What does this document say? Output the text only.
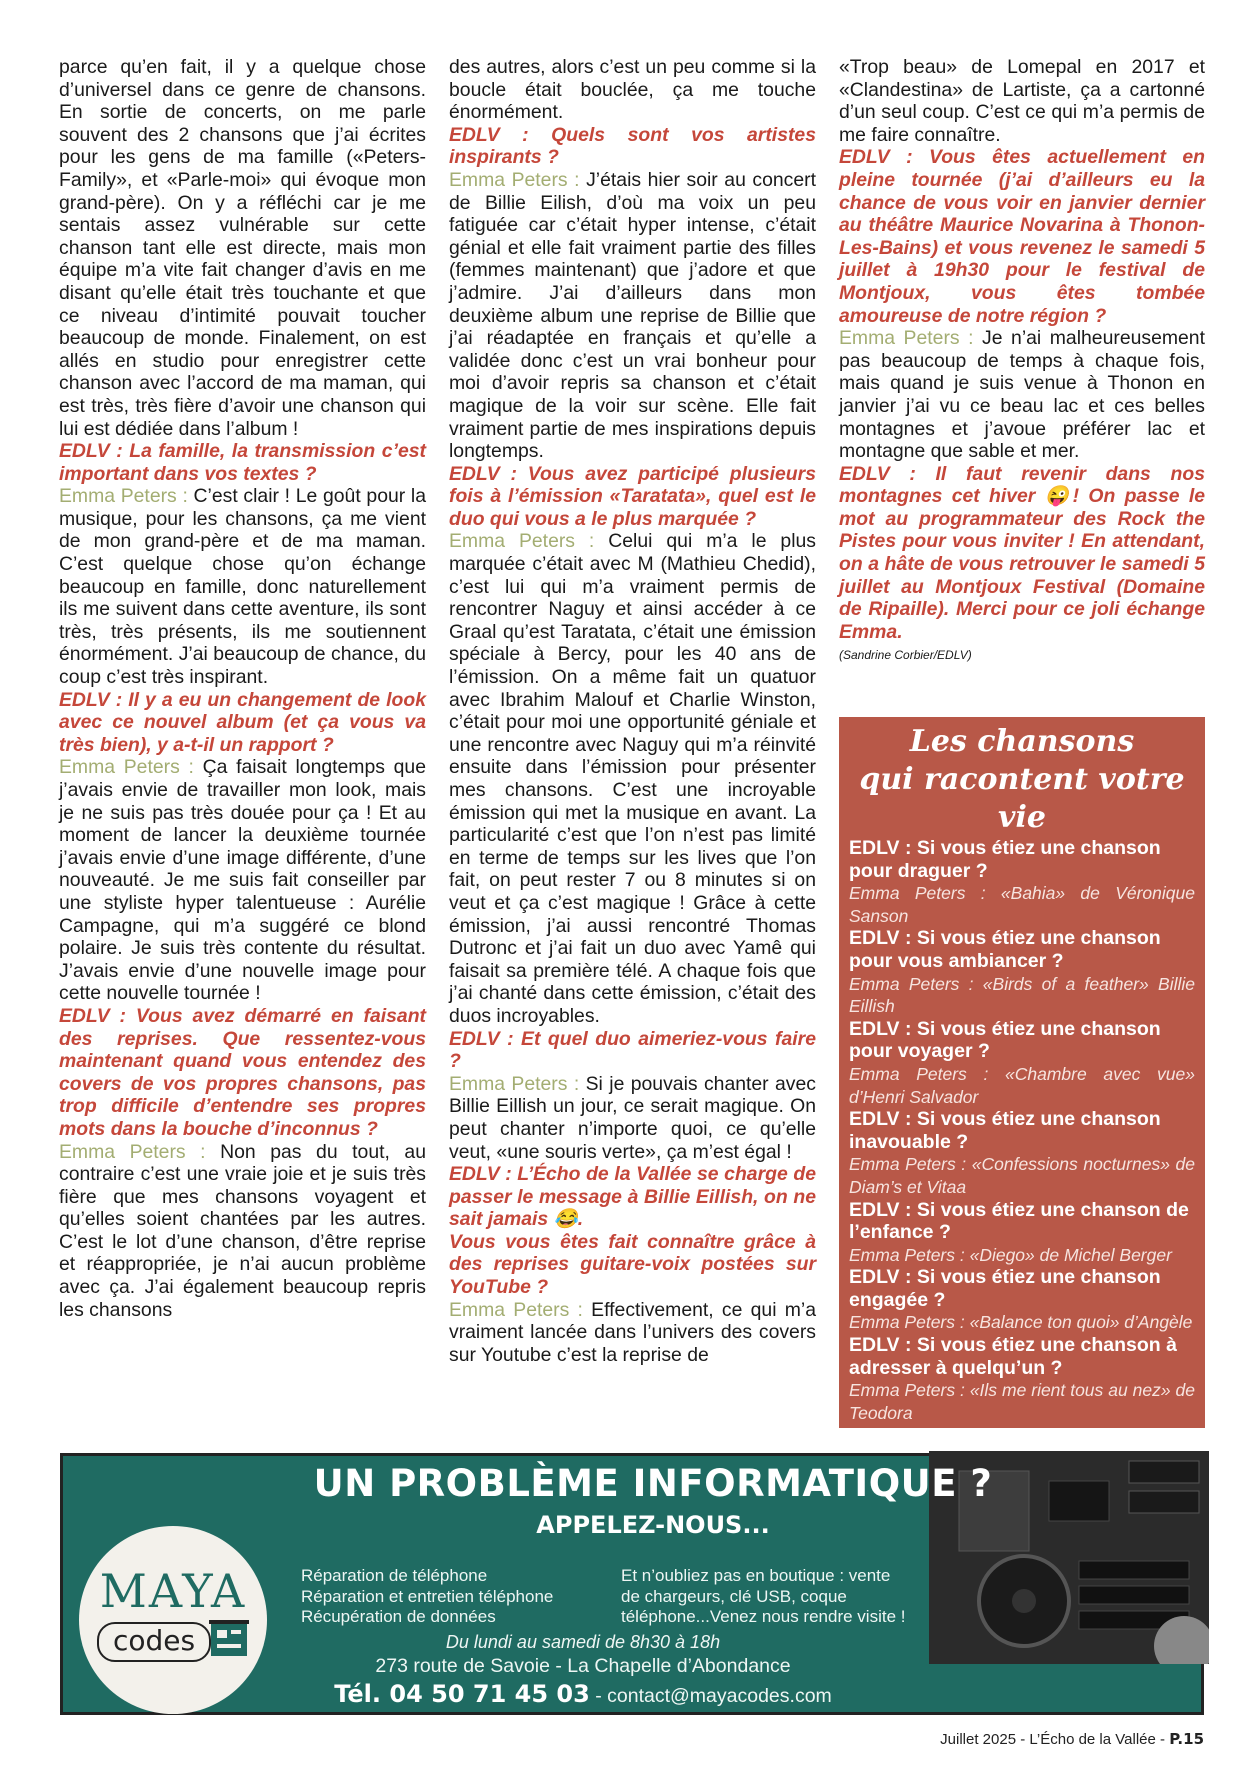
parce qu’en fait, il y a quelque chose d’universel dans ce genre de chansons. En sortie de concerts, on me parle souvent des 2 chansons que j’ai écrites pour les gens de ma famille («Peters-Family», et «Parle-moi» qui évoque mon grand-père). On y a réfléchi car je me sentais assez vulnérable sur cette chanson tant elle est directe, mais mon équipe m’a vite fait changer d’avis en me disant qu’elle était très touchante et que ce niveau d’intimité pouvait toucher beaucoup de monde. Finalement, on est allés en studio pour enregistrer cette chanson avec l’accord de ma maman, qui est très, très fière d’avoir une chanson qui lui est dédiée dans l’album !

EDLV : La famille, la transmission c’est important dans vos textes ?

Emma Peters : C’est clair ! Le goût pour la musique, pour les chansons, ça me vient de mon grand-père et de ma maman. C’est quelque chose qu’on échange beaucoup en famille, donc naturellement ils me suivent dans cette aventure, ils sont très, très présents, ils me soutiennent énormément. J’ai beaucoup de chance, du coup c’est très inspirant.

EDLV : Il y a eu un changement de look avec ce nouvel album (et ça vous va très bien), y a-t-il un rapport ?

Emma Peters : Ça faisait longtemps que j’avais envie de travailler mon look, mais je ne suis pas très douée pour ça ! Et au moment de lancer la deuxième tournée j’avais envie d’une image différente, d’une nouveauté. Je me suis fait conseiller par une styliste hyper talentueuse : Aurélie Campagne, qui m’a suggéré ce blond polaire. Je suis très contente du résultat. J’avais envie d’une nouvelle image pour cette nouvelle tournée !

EDLV : Vous avez démarré en faisant des reprises. Que ressentez-vous maintenant quand vous entendez des covers de vos propres chansons, pas trop difficile d’entendre ses propres mots dans la bouche d’inconnus ?

Emma Peters : Non pas du tout, au contraire c’est une vraie joie et je suis très fière que mes chansons voyagent et qu’elles soient chantées par les autres. C’est le lot d’une chanson, d’être reprise et réappropriée, je n’ai aucun problème avec ça. J’ai également beaucoup repris les chansons

des autres, alors c’est un peu comme si la boucle était bouclée, ça me touche énormément.

EDLV : Quels sont vos artistes inspirants ?

Emma Peters : J’étais hier soir au concert de Billie Eilish, d’où ma voix un peu fatiguée car c’était hyper intense, c’était génial et elle fait vraiment partie des filles (femmes maintenant) que j’adore et que j’admire. J’ai d’ailleurs dans mon deuxième album une reprise de Billie que j’ai réadaptée en français et qu’elle a validée donc c’est un vrai bonheur pour moi d’avoir repris sa chanson et c’était magique de la voir sur scène. Elle fait vraiment partie de mes inspirations depuis longtemps.

EDLV : Vous avez participé plusieurs fois à l’émission «Taratata», quel est le duo qui vous a le plus marquée ?

Emma Peters : Celui qui m’a le plus marquée c’était avec M (Mathieu Chedid), c’est lui qui m’a vraiment permis de rencontrer Naguy et ainsi accéder à ce Graal qu’est Taratata, c’était une émission spéciale à Bercy, pour les 40 ans de l’émission. On a même fait un quatuor avec Ibrahim Malouf et Charlie Winston, c’était pour moi une opportunité géniale et une rencontre avec Naguy qui m’a réinvité ensuite dans l’émission pour présenter mes chansons. C’est une incroyable émission qui met la musique en avant. La particularité c’est que l’on n’est pas limité en terme de temps sur les lives que l’on fait, on peut rester 7 ou 8 minutes si on veut et ça c’est magique ! Grâce à cette émission, j’ai aussi rencontré Thomas Dutronc et j’ai fait un duo avec Yamê qui faisait sa première télé. A chaque fois que j’ai chanté dans cette émission, c’était des duos incroyables.

EDLV : Et quel duo aimeriez-vous faire ?

Emma Peters : Si je pouvais chanter avec Billie Eillish un jour, ce serait magique. On peut chanter n’importe quoi, ce qu’elle veut, «une souris verte», ça m’est égal !

EDLV : L’Écho de la Vallée se charge de passer le message à Billie Eillish, on ne sait jamais 😂.

Vous vous êtes fait connaître grâce à des reprises guitare-voix postées sur YouTube ?

Emma Peters : Effectivement, ce qui m’a vraiment lancée dans l’univers des covers sur Youtube c’est la reprise de

«Trop beau» de Lomepal en 2017 et «Clandestina» de Lartiste, ça a cartonné d’un seul coup. C’est ce qui m’a permis de me faire connaître.

EDLV : Vous êtes actuellement en pleine tournée (j’ai d’ailleurs eu la chance de vous voir en janvier dernier au théâtre Maurice Novarina à Thonon-Les-Bains) et vous revenez le samedi 5 juillet à 19h30 pour le festival de Montjoux, vous êtes tombée amoureuse de notre région ?

Emma Peters : Je n’ai malheureusement pas beaucoup de temps à chaque fois, mais quand je suis venue à Thonon en janvier j’ai vu ce beau lac et ces belles montagnes et j’avoue préférer lac et montagne que sable et mer.

EDLV : Il faut revenir dans nos montagnes cet hiver 😜! On passe le mot au programmateur des Rock the Pistes pour vous inviter ! En attendant, on a hâte de vous retrouver le samedi 5 juillet au Montjoux Festival (Domaine de Ripaille). Merci pour ce joli échange Emma.

(Sandrine Corbier/EDLV)

Les chansons
qui racontent votre vie
EDLV : Si vous étiez une chanson pour draguer ?
Emma Peters : «Bahia» de Véronique Sanson
EDLV : Si vous étiez une chanson pour vous ambiancer ?
Emma Peters : «Birds of a feather» Billie Eillish
EDLV : Si vous étiez une chanson pour voyager ?
Emma Peters : «Chambre avec vue» d’Henri Salvador
EDLV : Si vous étiez une chanson inavouable ?
Emma Peters : «Confessions nocturnes» de Diam’s et Vitaa
EDLV : Si vous étiez une chanson de l’enfance ?
Emma Peters : «Diego» de Michel Berger
EDLV : Si vous étiez une chanson engagée ?
Emma Peters : «Balance ton quoi» d’Angèle
EDLV : Si vous étiez une chanson à adresser à quelqu’un ?
Emma Peters : «Ils me rient tous au nez» de Teodora
UN PROBLÈME INFORMATIQUE ?
APPELEZ-NOUS...
MAYA
codes
Réparation de téléphone
Réparation et entretien téléphone
Récupération de données
Et n’oubliez pas en boutique : vente de chargeurs, clé USB, coque téléphone...Venez nous rendre visite !
Du lundi au samedi de 8h30 à 18h
273 route de Savoie - La Chapelle d’Abondance
Tél. 04 50 71 45 03 - contact@mayacodes.com
Juillet 2025 - L’Écho de la Vallée - P.15
